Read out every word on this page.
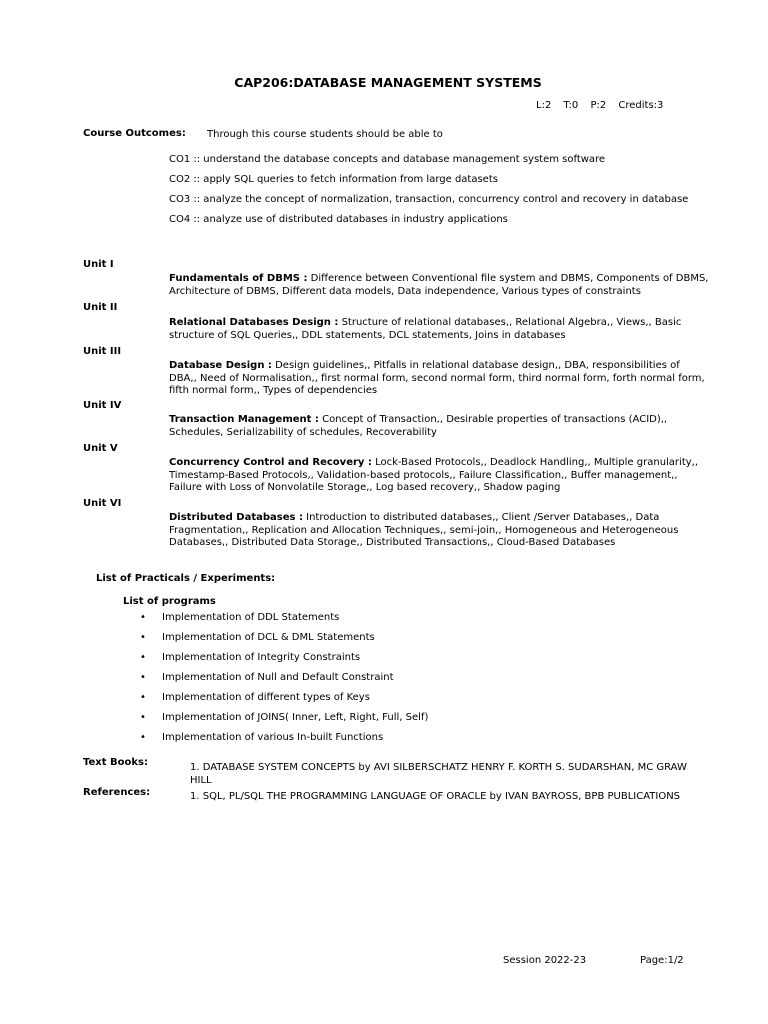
CAP206:DATABASE MANAGEMENT SYSTEMS
L:2 T:0 P:2 Credits:3
Course Outcomes: Through this course students should be able to
CO1 :: understand the database concepts and database management system software
CO2 :: apply SQL queries to fetch information from large datasets
CO3 :: analyze the concept of normalization, transaction, concurrency control and recovery in database
CO4 :: analyze use of distributed databases in industry applications
Unit I
Fundamentals of DBMS : Difference between Conventional file system and DBMS, Components of DBMS, Architecture of DBMS, Different data models, Data independence, Various types of constraints
Unit II
Relational Databases Design : Structure of relational databases,, Relational Algebra,, Views,, Basic structure of SQL Queries,, DDL statements, DCL statements, Joins in databases
Unit III
Database Design : Design guidelines,, Pitfalls in relational database design,, DBA, responsibilities of DBA,, Need of Normalisation,, first normal form, second normal form, third normal form, forth normal form, fifth normal form,, Types of dependencies
Unit IV
Transaction Management : Concept of Transaction,, Desirable properties of transactions (ACID),, Schedules, Serializability of schedules, Recoverability
Unit V
Concurrency Control and Recovery : Lock-Based Protocols,, Deadlock Handling,, Multiple granularity,, Timestamp-Based Protocols,, Validation-based protocols,, Failure Classification,, Buffer management,, Failure with Loss of Nonvolatile Storage,, Log based recovery,, Shadow paging
Unit VI
Distributed Databases : Introduction to distributed databases,, Client /Server Databases,, Data Fragmentation,, Replication and Allocation Techniques,, semi-join,, Homogeneous and Heterogeneous Databases,, Distributed Data Storage,, Distributed Transactions,, Cloud-Based Databases
List of Practicals / Experiments:
List of programs
•	Implementation of DDL Statements
•	Implementation of DCL & DML Statements
•	Implementation of Integrity Constraints
•	Implementation of Null and Default Constraint
•	Implementation of different types of Keys
•	Implementation of JOINS( Inner, Left, Right, Full, Self)
•	Implementation of various In-built Functions
Text Books:	1. DATABASE SYSTEM CONCEPTS by AVI SILBERSCHATZ HENRY F. KORTH S. SUDARSHAN, MC GRAW HILL
References:	1. SQL, PL/SQL THE PROGRAMMING LANGUAGE OF ORACLE by IVAN BAYROSS, BPB PUBLICATIONS
Session 2022-23	Page:1/2
